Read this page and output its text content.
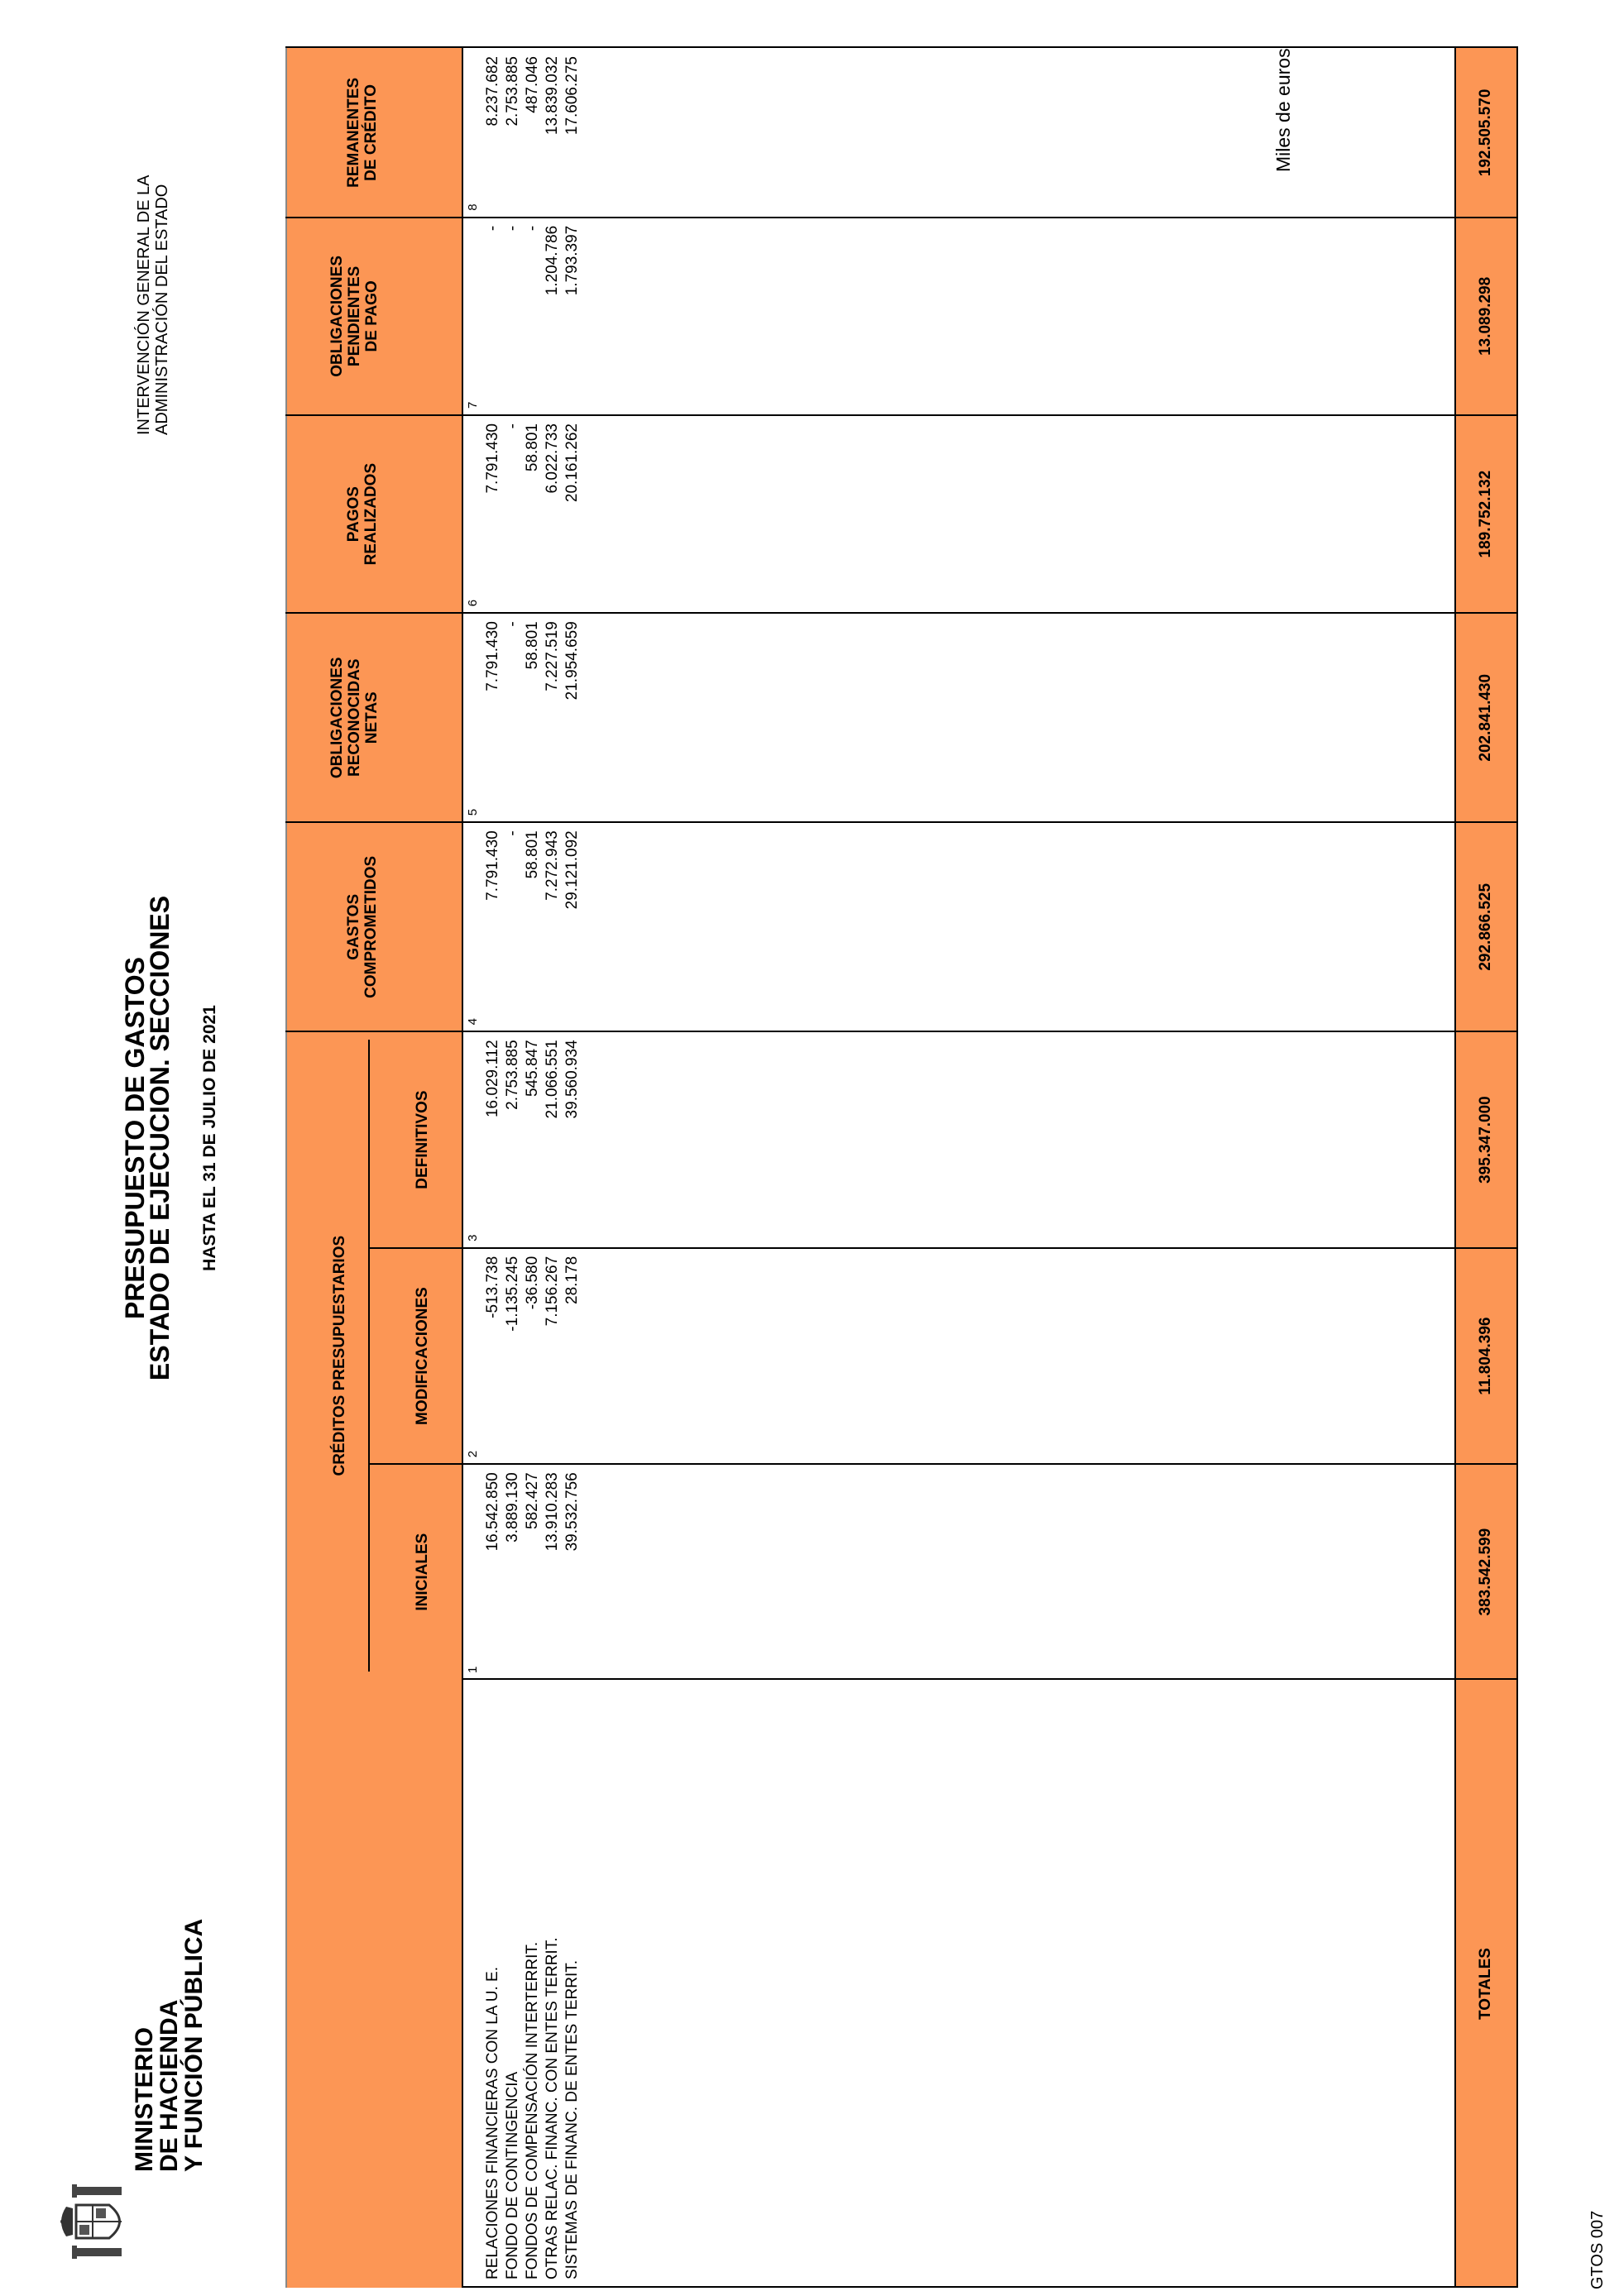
MINISTERIO
DE HACIENDA
Y FUNCIÓN PÚBLICA
PRESUPUESTO DE GASTOS
ESTADO DE EJECUCION. SECCIONES HASTA EL 31 DE JULIO DE 2021
INTERVENCIÓN GENERAL DE LA ADMINISTRACIÓN DEL ESTADO
Miles de euros
CRÉDITOS PRESUPUESTARIOS
INICIALES
MODIFICACIONES
DEFINITIVOS
GASTOS
COMPROMETIDOS
OBLIGACIONES
RECONOCIDAS
NETAS
PAGOS
REALIZADOS
OBLIGACIONES
PENDIENTES
DE PAGO
REMANENTES
DE CRÉDITO
1
2
3
4
5
6
7
8
RELACIONES FINANCIERAS CON LA U. E.
16.542.850
-513.738
16.029.112
7.791.430
7.791.430
7.791.430
-
8.237.682
FONDO DE CONTINGENCIA
3.889.130
-1.135.245
2.753.885
-
-
-
-
2.753.885
FONDOS DE COMPENSACIÓN INTERTERRIT.
582.427
-36.580
545.847
58.801
58.801
58.801
-
487.046
OTRAS RELAC. FINANC. CON ENTES TERRIT.
13.910.283
7.156.267
21.066.551
7.272.943
7.227.519
6.022.733
1.204.786
13.839.032
SISTEMAS DE FINANC. DE ENTES TERRIT.
39.532.756
28.178
39.560.934
29.121.092
21.954.659
20.161.262
1.793.397
17.606.275
TOTALES
383.542.599
11.804.396
395.347.000
292.866.525
202.841.430
189.752.132
13.089.298
192.505.570
GTOS 007
